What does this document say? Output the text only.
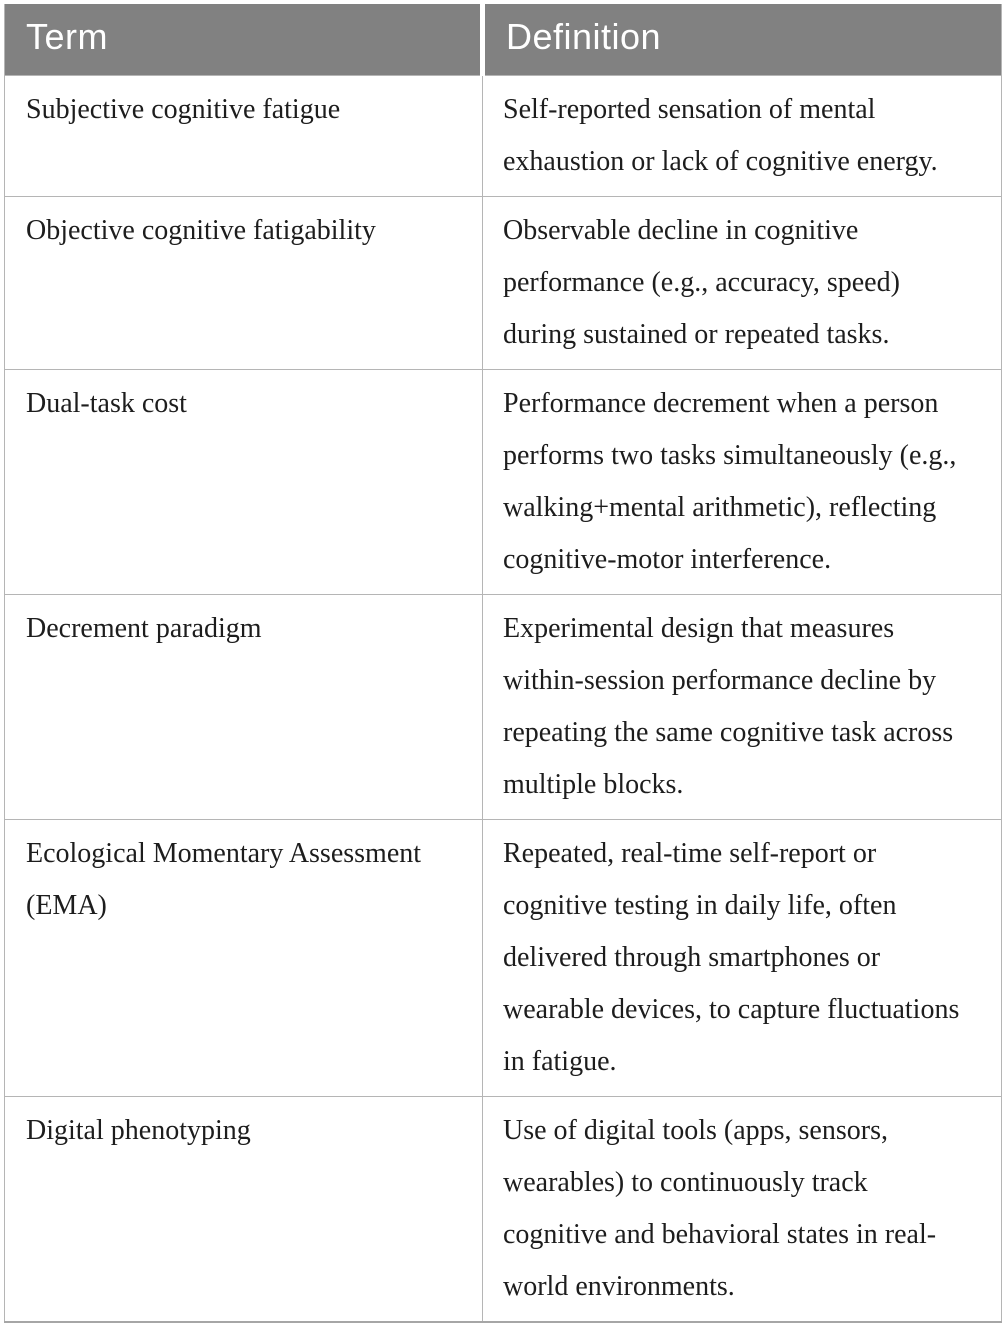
Term	Definition
Subjective cognitive fatigue	Self-reported sensation of mental exhaustion or lack of cognitive energy.
Objective cognitive fatigability	Observable decline in cognitive performance (e.g., accuracy, speed) during sustained or repeated tasks.
Dual-task cost	Performance decrement when a person performs two tasks simultaneously (e.g., walking+mental arithmetic), reflecting cognitive-motor interference.
Decrement paradigm	Experimental design that measures within-session performance decline by repeating the same cognitive task across multiple blocks.
Ecological Momentary Assessment (EMA)	Repeated, real-time self-report or cognitive testing in daily life, often delivered through smartphones or wearable devices, to capture fluctuations in fatigue.
Digital phenotyping	Use of digital tools (apps, sensors, wearables) to continuously track cognitive and behavioral states in real-world environments.
